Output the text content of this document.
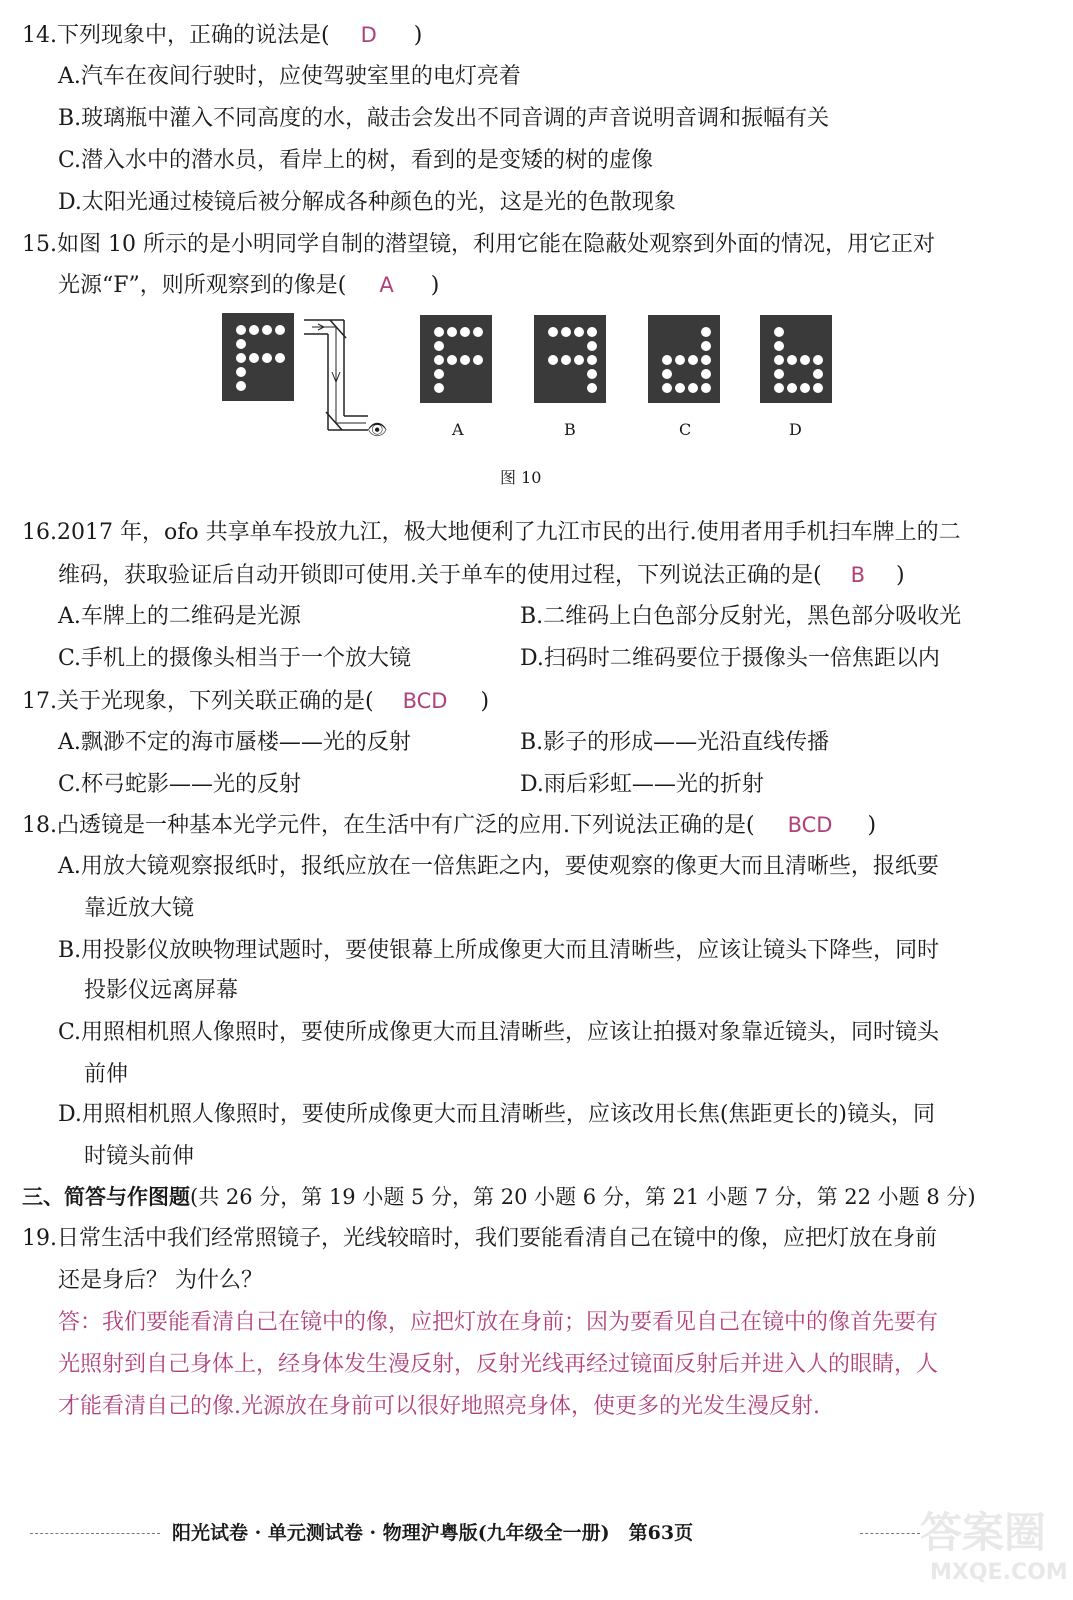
14.下列现象中，正确的说法是( D )
A.汽车在夜间行驶时，应使驾驶室里的电灯亮着
B.玻璃瓶中灌入不同高度的水，敲击会发出不同音调的声音说明音调和振幅有关
C.潜入水中的潜水员，看岸上的树，看到的是变矮的树的虚像
D.太阳光通过棱镜后被分解成各种颜色的光，这是光的色散现象
15.如图 10 所示的是小明同学自制的潜望镜，利用它能在隐蔽处观察到外面的情况，用它正对
光源“F”，则所观察到的像是( A )
👁	A	B	C	D
图 10
16.2017 年，ofo 共享单车投放九江，极大地便利了九江市民的出行.使用者用手机扫车牌上的二
维码，获取验证后自动开锁即可使用.关于单车的使用过程，下列说法正确的是( B )
A.车牌上的二维码是光源	B.二维码上白色部分反射光，黑色部分吸收光
C.手机上的摄像头相当于一个放大镜	D.扫码时二维码要位于摄像头一倍焦距以内
17.关于光现象，下列关联正确的是( BCD )
A.飘渺不定的海市蜃楼——光的反射	B.影子的形成——光沿直线传播
C.杯弓蛇影——光的反射	D.雨后彩虹——光的折射
18.凸透镜是一种基本光学元件，在生活中有广泛的应用.下列说法正确的是( BCD )
A.用放大镜观察报纸时，报纸应放在一倍焦距之内，要使观察的像更大而且清晰些，报纸要
靠近放大镜
B.用投影仪放映物理试题时，要使银幕上所成像更大而且清晰些，应该让镜头下降些，同时
投影仪远离屏幕
C.用照相机照人像照时，要使所成像更大而且清晰些，应该让拍摄对象靠近镜头，同时镜头
前伸
D.用照相机照人像照时，要使所成像更大而且清晰些，应该改用长焦(焦距更长的)镜头，同
时镜头前伸
三、简答与作图题(共 26 分，第 19 小题 5 分，第 20 小题 6 分，第 21 小题 7 分，第 22 小题 8 分)
19.日常生活中我们经常照镜子，光线较暗时，我们要能看清自己在镜中的像，应把灯放在身前
还是身后？ 为什么？
答：我们要能看清自己在镜中的像，应把灯放在身前；因为要看见自己在镜中的像首先要有
光照射到自己身体上，经身体发生漫反射，反射光线再经过镜面反射后并进入人的眼睛，人
才能看清自己的像.光源放在身前可以很好地照亮身体，使更多的光发生漫反射.
阳光试卷 · 单元测试卷 · 物理沪粤版(九年级全一册)　第63页	答案圈
MXQE.COM
